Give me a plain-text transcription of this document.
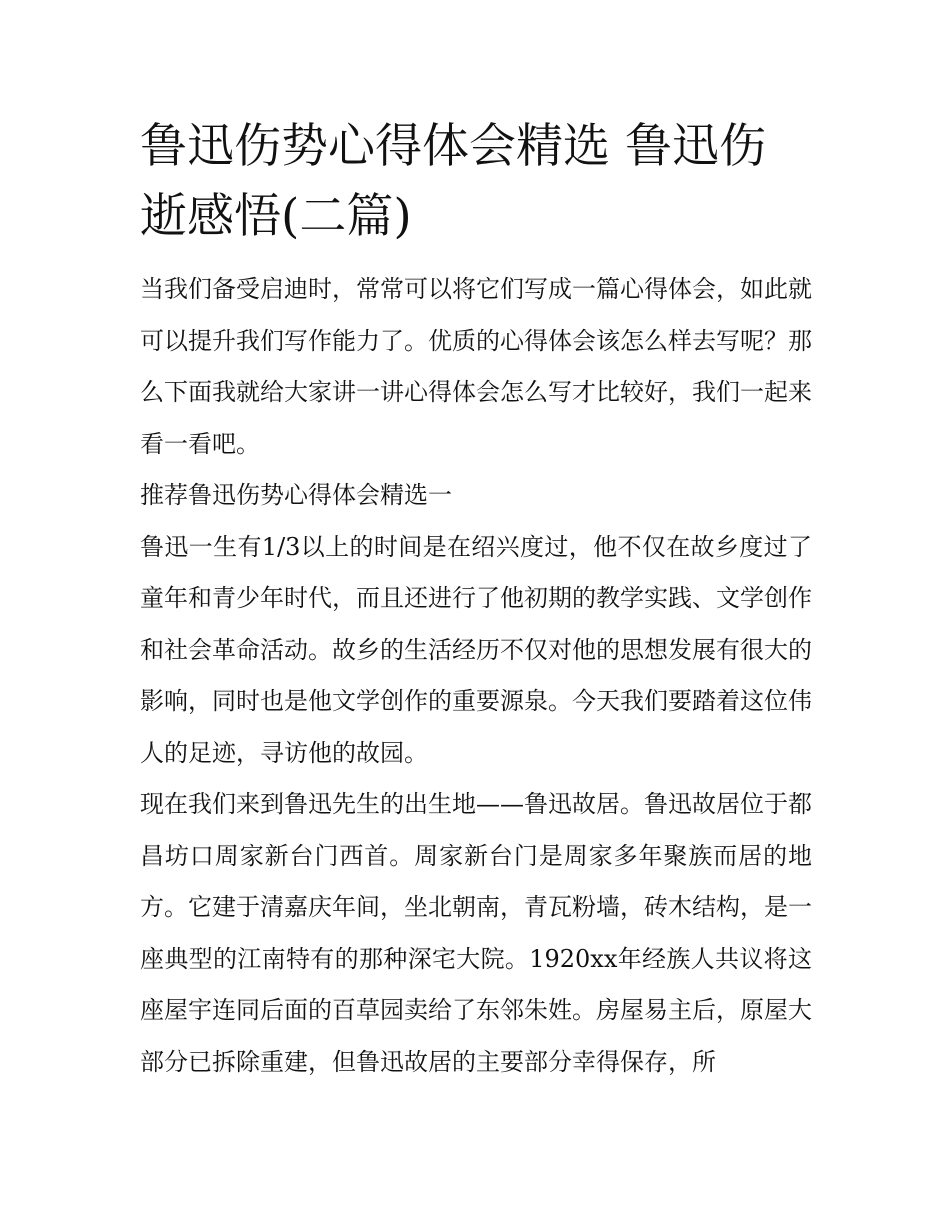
鲁迅伤势心得体会精选 鲁迅伤逝感悟(二篇)

当我们备受启迪时，常常可以将它们写成一篇心得体会，如此就可以提升我们写作能力了。优质的心得体会该怎么样去写呢？那么下面我就给大家讲一讲心得体会怎么写才比较好，我们一起来看一看吧。

推荐鲁迅伤势心得体会精选一

鲁迅一生有1/3以上的时间是在绍兴度过，他不仅在故乡度过了童年和青少年时代，而且还进行了他初期的教学实践、文学创作和社会革命活动。故乡的生活经历不仅对他的思想发展有很大的影响，同时也是他文学创作的重要源泉。今天我们要踏着这位伟人的足迹，寻访他的故园。

现在我们来到鲁迅先生的出生地——鲁迅故居。鲁迅故居位于都昌坊口周家新台门西首。周家新台门是周家多年聚族而居的地方。它建于清嘉庆年间，坐北朝南，青瓦粉墙，砖木结构，是一座典型的江南特有的那种深宅大院。1920xx年经族人共议将这座屋宇连同后面的百草园卖给了东邻朱姓。房屋易主后，原屋大部分已拆除重建，但鲁迅故居的主要部分幸得保存，所
